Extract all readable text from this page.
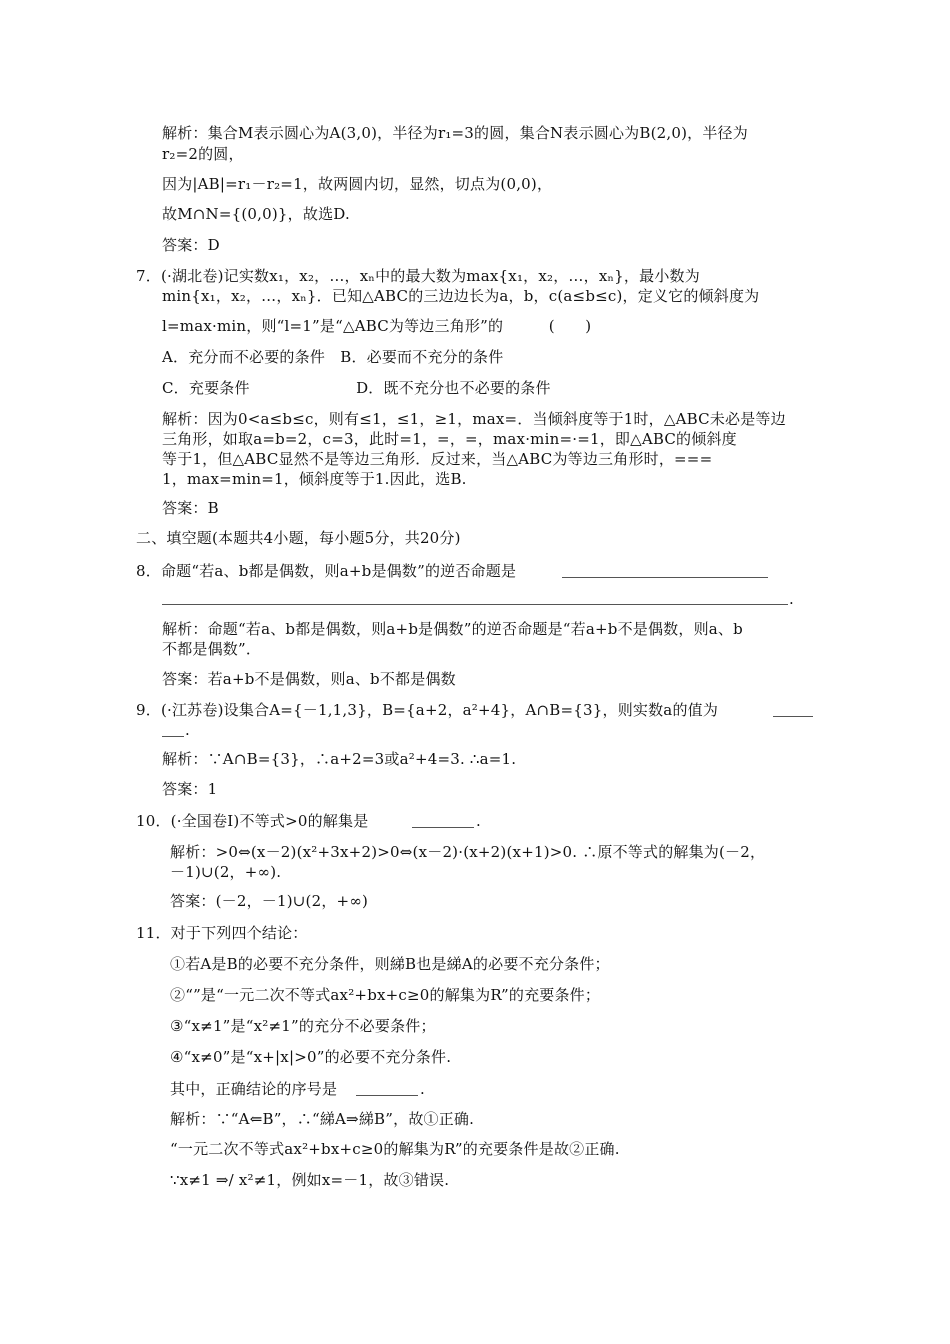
解析：集合M表示圆心为A(3,0)，半径为r₁=3的圆，集合N表示圆心为B(2,0)，半径为
r₂=2的圆，
因为|AB|=r₁－r₂=1，故两圆内切，显然，切点为(0,0)，
故M∩N={(0,0)}，故选D.
答案：D
7．(·湖北卷)记实数x₁，x₂，…，xₙ中的最大数为max{x₁，x₂，…，xₙ}，最小数为
min{x₁，x₂，…，xₙ}．已知△ABC的三边边长为a，b，c(a≤b≤c)，定义它的倾斜度为
l=max·min，则“l=1”是“△ABC为等边三角形”的　　　(　　)
A．充分而不必要的条件　B．必要而不充分的条件
C．充要条件　　　　　　　D．既不充分也不必要的条件
解析：因为0<a≤b≤c，则有≤1，≤1，≥1，max=．当倾斜度等于1时，△ABC未必是等边
三角形，如取a=b=2，c=3，此时=1，=，=，max·min=·=1，即△ABC的倾斜度
等于1，但△ABC显然不是等边三角形．反过来，当△ABC为等边三角形时，===
1，max=min=1，倾斜度等于1.因此，选B.
答案：B
二、填空题(本题共4小题，每小题5分，共20分)
8．命题“若a、b都是偶数，则a+b是偶数”的逆否命题是
.
解析：命题“若a、b都是偶数，则a+b是偶数”的逆否命题是“若a+b不是偶数，则a、b
不都是偶数”．
答案：若a+b不是偶数，则a、b不都是偶数
9．(·江苏卷)设集合A={－1,1,3}，B={a+2，a²+4}，A∩B={3}，则实数a的值为
.
解析：∵A∩B={3}，∴a+2=3或a²+4=3. ∴a=1.
答案：1
10．(·全国卷Ⅰ)不等式>0的解集是	.
解析：>0⇔(x－2)(x²+3x+2)>0⇔(x－2)·(x+2)(x+1)>0. ∴原不等式的解集为(－2，
－1)∪(2，+∞).
答案：(－2，－1)∪(2，+∞)
11．对于下列四个结论：
①若A是B的必要不充分条件，则綈B也是綈A的必要不充分条件；
②“”是“一元二次不等式ax²+bx+c≥0的解集为R”的充要条件；
③“x≠1”是“x²≠1”的充分不必要条件；
④“x≠0”是“x+|x|>0”的必要不充分条件.
其中，正确结论的序号是	.
解析：∵“A⇐B”，∴“綈A⇒綈B”，故①正确.
“一元二次不等式ax²+bx+c≥0的解集为R”的充要条件是故②正确.
∵x≠1 ⇒/ x²≠1，例如x=－1，故③错误.
